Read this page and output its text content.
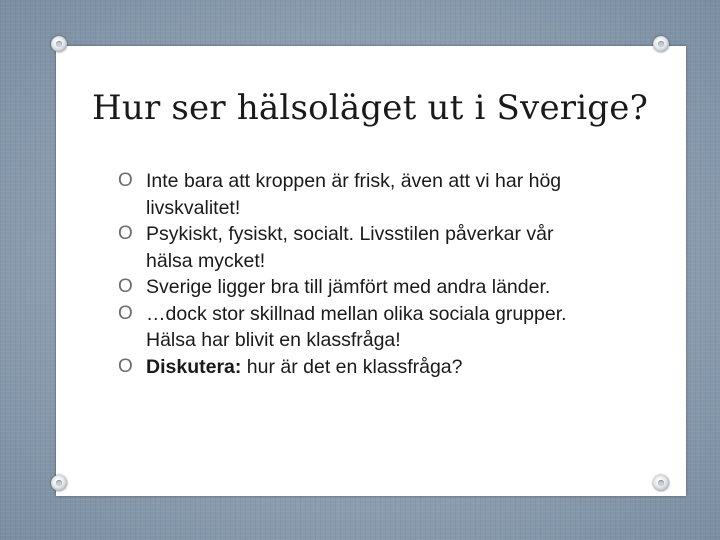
Hur ser hälsoläget ut i Sverige?
O Inte bara att kroppen är frisk, även att vi har hög livskvalitet!
O Psykiskt, fysiskt, socialt. Livsstilen påverkar vår hälsa mycket!
O Sverige ligger bra till jämfört med andra länder.
O …dock stor skillnad mellan olika sociala grupper. Hälsa har blivit en klassfråga!
O Diskutera: hur är det en klassfråga?
